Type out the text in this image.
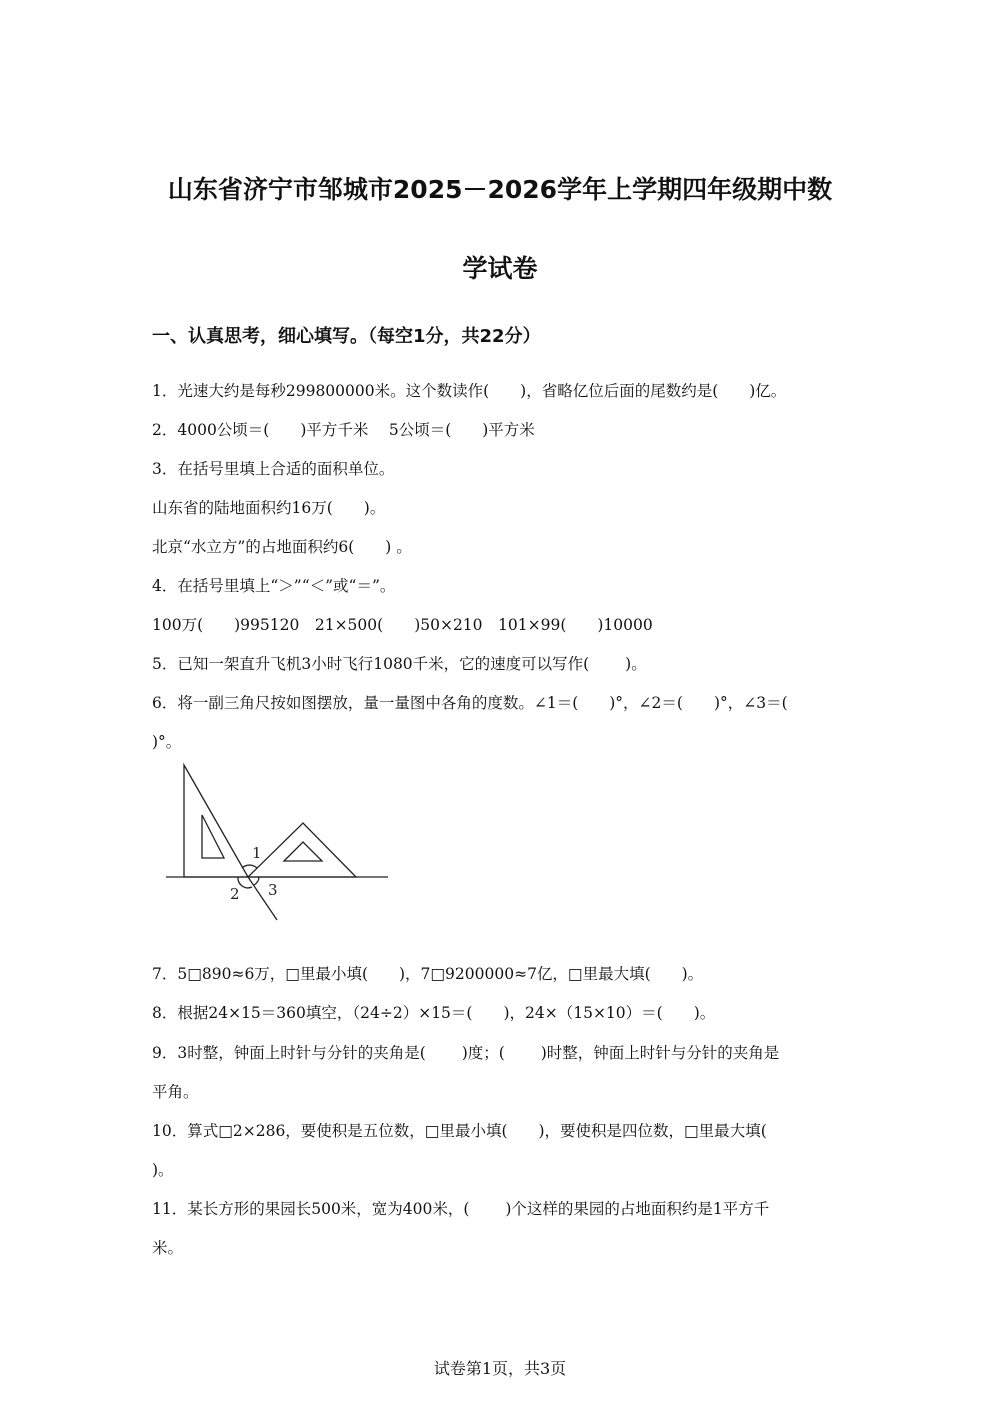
山东省济宁市邹城市2025－2026学年上学期四年级期中数
学试卷
一、认真思考，细心填写。（每空1分，共22分）
1．光速大约是每秒299800000米。这个数读作(　　)，省略亿位后面的尾数约是(　　)亿。
2．4000公顷＝(　　)平方千米　 5公顷＝(　　)平方米
3．在括号里填上合适的面积单位。
山东省的陆地面积约16万(　　)。
北京“水立方”的占地面积约6(　　) 。
4．在括号里填上“＞”“＜”或“＝”。
100万(　　)995120　21×500(　　)50×210　101×99(　　)10000
5．已知一架直升飞机3小时飞行1080千米，它的速度可以写作(　　 )。
6．将一副三角尺按如图摆放，量一量图中各角的度数。∠1＝(　　)°，∠2＝(　　)°，∠3＝(
)°。
1
2 3
7．5□890≈6万，□里最小填(　　)，7□9200000≈7亿，□里最大填(　　)。
8．根据24×15＝360填空，（24÷2）×15＝(　　)，24×（15×10）＝(　　)。
9．3时整，钟面上时针与分针的夹角是(　　 )度；(　　 )时整，钟面上时针与分针的夹角是
平角。
10．算式□2×286，要使积是五位数，□里最小填(　　)，要使积是四位数，□里最大填(
)。
11．某长方形的果园长500米，宽为400米，(　　 )个这样的果园的占地面积约是1平方千
米。
试卷第1页，共3页
